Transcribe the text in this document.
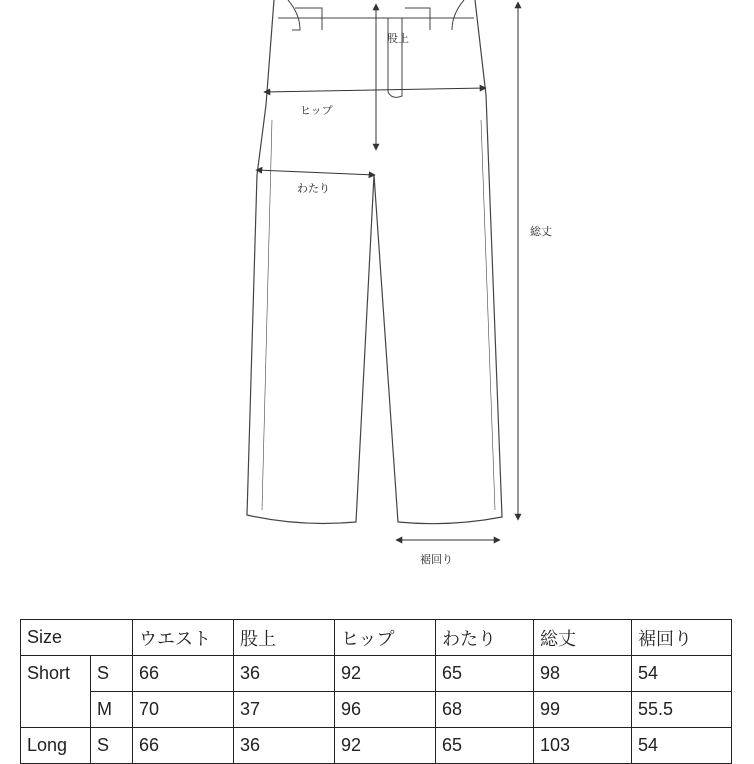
股上
ヒップ
わたり
総丈
裾回り
Size		ウエスト	股上	ヒップ	わたり	総丈	裾回り
Short	S	66	36	92	65	98	54
	M	70	37	96	68	99	55.5
Long	S	66	36	92	65	103	54
